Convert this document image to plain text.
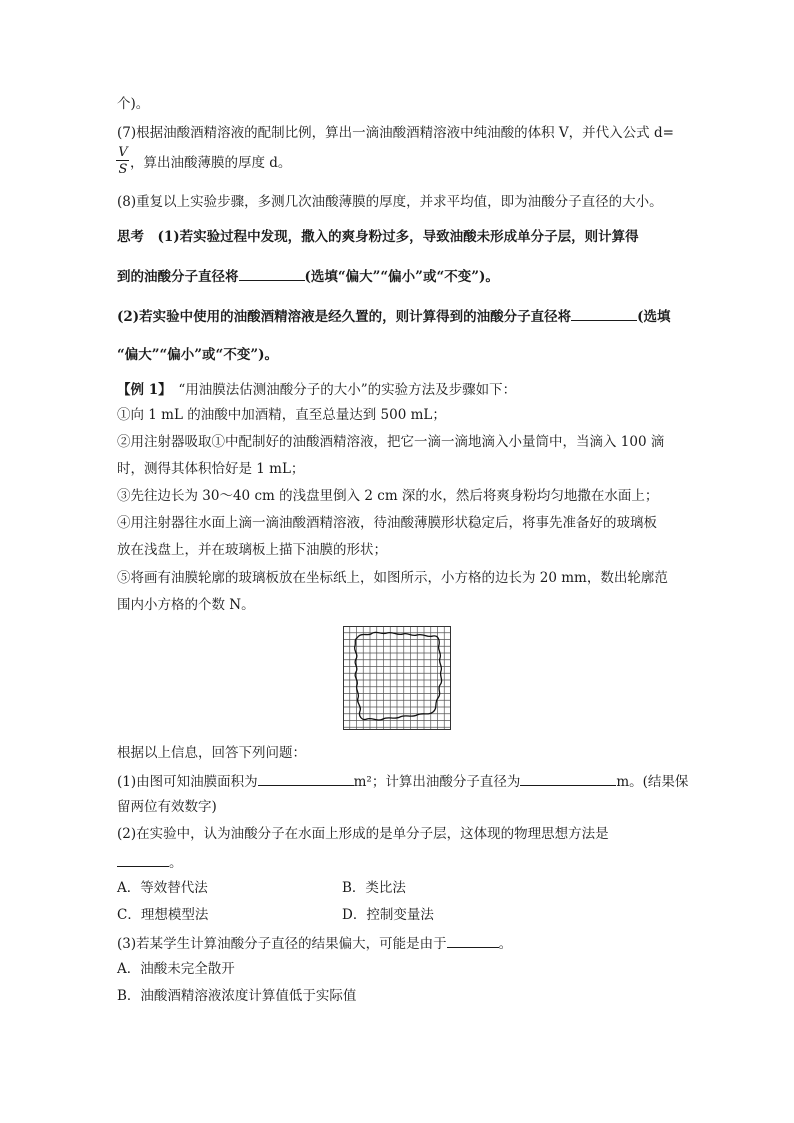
个)。
(7)根据油酸酒精溶液的配制比例，算出一滴油酸酒精溶液中纯油酸的体积 V，并代入公式 d=
V
S ，算出油酸薄膜的厚度 d。
(8)重复以上实验步骤，多测几次油酸薄膜的厚度，并求平均值，即为油酸分子直径的大小。
思考　(1)若实验过程中发现，撒入的爽身粉过多，导致油酸未形成单分子层，则计算得
到的油酸分子直径将	(选填“偏大”“偏小”或“不变”)。
(2)若实验中使用的油酸酒精溶液是经久置的，则计算得到的油酸分子直径将	(选填
“偏大”“偏小”或“不变”)。
【例 1】　 “用油膜法估测油酸分子的大小”的实验方法及步骤如下：
①向 1 mL 的油酸中加酒精，直至总量达到 500 mL；
②用注射器吸取①中配制好的油酸酒精溶液，把它一滴一滴地滴入小量筒中，当滴入 100 滴
时，测得其体积恰好是 1 mL；
③先往边长为 30～40 cm 的浅盘里倒入 2 cm 深的水，然后将爽身粉均匀地撒在水面上；
④用注射器往水面上滴一滴油酸酒精溶液，待油酸薄膜形状稳定后，将事先准备好的玻璃板
放在浅盘上，并在玻璃板上描下油膜的形状；
⑤将画有油膜轮廓的玻璃板放在坐标纸上，如图所示，小方格的边长为 20 mm，数出轮廓范
围内小方格的个数 N。
根据以上信息，回答下列问题：
(1)由图可知油膜面积为	m²；计算出油酸分子直径为	m。(结果保
留两位有效数字)
(2)在实验中，认为油酸分子在水面上形成的是单分子层，这体现的物理思想方法是
。
A．等效替代法	B．类比法
C．理想模型法	D．控制变量法
(3)若某学生计算油酸分子直径的结果偏大，可能是由于	。
A．油酸未完全散开
B．油酸酒精溶液浓度计算值低于实际值
